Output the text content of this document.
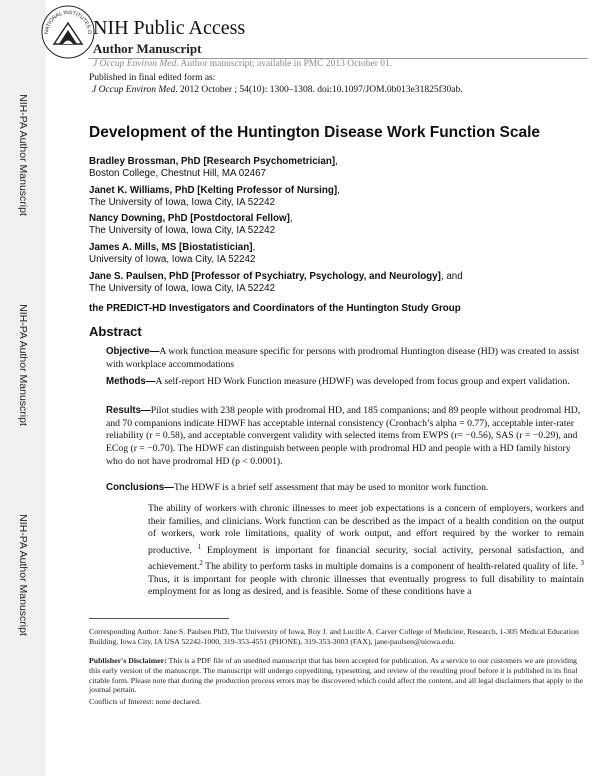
NIH-PA Author Manuscript
NIH-PA Author Manuscript
NIH-PA Author Manuscript
NATIONAL INSTITUTES O NIH Public Access
Author Manuscript
J Occup Environ Med. Author manuscript; available in PMC 2013 October 01.
Published in final edited form as:
J Occup Environ Med. 2012 October ; 54(10): 1300–1308. doi:10.1097/JOM.0b013e31825f30ab.
Development of the Huntington Disease Work Function Scale
Bradley Brossman, PhD [Research Psychometrician],
Boston College, Chestnut Hill, MA 02467
Janet K. Williams, PhD [Kelting Professor of Nursing],
The University of Iowa, Iowa City, IA 52242
Nancy Downing, PhD [Postdoctoral Fellow],
The University of Iowa, Iowa City, IA 52242
James A. Mills, MS [Biostatistician],
University of Iowa, Iowa City, IA 52242
Jane S. Paulsen, PhD [Professor of Psychiatry, Psychology, and Neurology], and
The University of Iowa, Iowa City, IA 52242
the PREDICT-HD Investigators and Coordinators of the Huntington Study Group
Abstract
Objective—A work function measure specific for persons with prodromal Huntington disease (HD) was created to assist with workplace accommodations
Methods—A self-report HD Work Function measure (HDWF) was developed from focus group and expert validation.
Results—Pilot studies with 238 people with prodromal HD, and 185 companions; and 89 people without prodromal HD, and 70 companions indicate HDWF has acceptable internal consistency (Cronbach’s alpha = 0.77), acceptable inter-rater reliability (r = 0.58), and acceptable convergent validity with selected items from EWPS (r= −0.56), SAS (r = −0.29), and ECog (r = −0.70). The HDWF can distinguish between people with prodromal HD and people with a HD family history who do not have prodromal HD (p < 0.0001).
Conclusions—The HDWF is a brief self assessment that may be used to monitor work function.
The ability of workers with chronic illnesses to meet job expectations is a concern of employers, workers and their families, and clinicians. Work function can be described as the impact of a health condition on the output of workers, work role limitations, quality of work output, and effort required by the worker to remain productive. $^1$ Employment is important for financial security, social activity, personal satisfaction, and achievement.$^2$ The ability to perform tasks in multiple domains is a component of health-related quality of life. $^3$ Thus, it is important for people with chronic illnesses that eventually progress to full disability to maintain employment for as long as desired, and is feasible. Some of these conditions have a
Corresponding Author: Jane S. Paulsen PhD, The University of Iowa, Roy J. and Lucille A. Carver College of Medicine, Research, 1-305 Medical Education Building, Iowa City, IA USA 52242-1000, 319-353-4551 (PHONE), 319-353-3003 (FAX), jane-paulsen@uiowa.edu.
Publisher's Disclaimer: This is a PDF file of an unedited manuscript that has been accepted for publication. As a service to our customers we are providing this early version of the manuscript. The manuscript will undergo copyediting, typesetting, and review of the resulting proof before it is published in its final citable form. Please note that during the production process errors may be discovered which could affect the content, and all legal disclaimers that apply to the journal pertain.
Conflicts of Interest: none declared.
